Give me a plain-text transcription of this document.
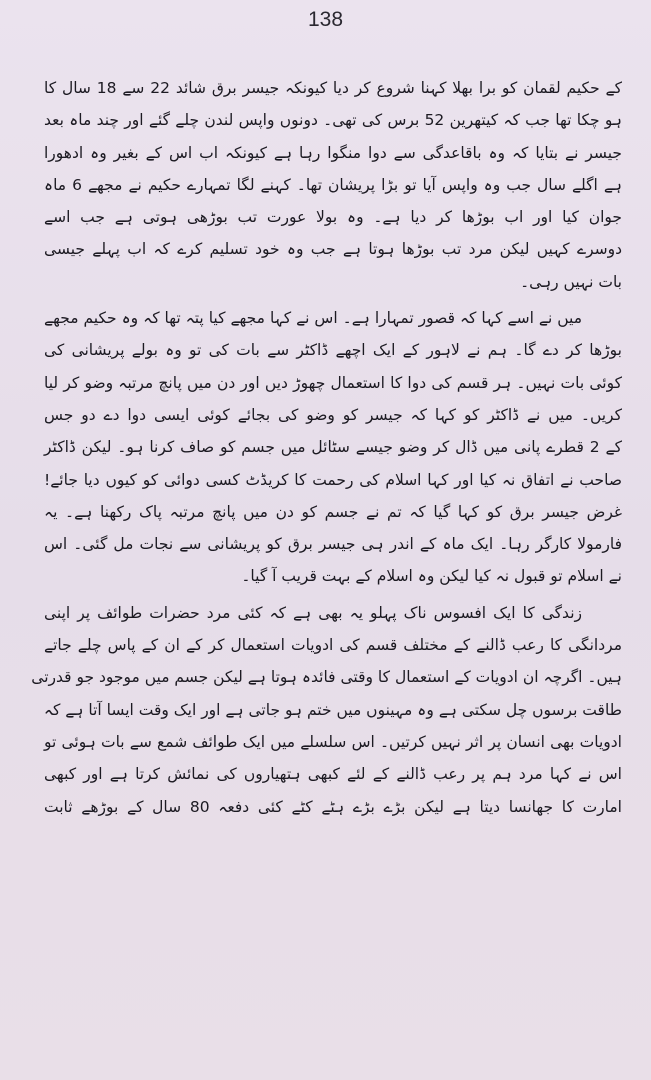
138
کے حکیم لقمان کو برا بھلا کہنا شروع کر دیا کیونکہ جیسر برق شائد 22 سے 18 سال کا
ہو چکا تھا جب کہ کیتھرین 52 برس کی تھی۔ دونوں واپس لندن چلے گئے اور چند ماہ بعد
جیسر نے بتایا کہ وہ باقاعدگی سے دوا منگوا رہا ہے کیونکہ اب اس کے بغیر وہ ادھورا
ہے اگلے سال جب وہ واپس آیا تو بڑا پریشان تھا۔ کہنے لگا تمہارے حکیم نے مجھے 6 ماہ
جوان کیا اور اب بوڑھا کر دیا ہے۔ وہ بولا عورت تب بوڑھی ہوتی ہے جب اسے
دوسرے کہیں لیکن مرد تب بوڑھا ہوتا ہے جب وہ خود تسلیم کرے کہ اب پہلے جیسی
بات نہیں رہی۔
میں نے اسے کہا کہ قصور تمہارا ہے۔ اس نے کہا مجھے کیا پتہ تھا کہ وہ حکیم مجھے
بوڑھا کر دے گا۔ ہم نے لاہور کے ایک اچھے ڈاکٹر سے بات کی تو وہ بولے پریشانی کی
کوئی بات نہیں۔ ہر قسم کی دوا کا استعمال چھوڑ دیں اور دن میں پانچ مرتبہ وضو کر لیا
کریں۔ میں نے ڈاکٹر کو کہا کہ جیسر کو وضو کی بجائے کوئی ایسی دوا دے دو جس
کے 2 قطرے پانی میں ڈال کر وضو جیسے سٹائل میں جسم کو صاف کرنا ہو۔ لیکن ڈاکٹر
صاحب نے اتفاق نہ کیا اور کہا اسلام کی رحمت کا کریڈٹ کسی دوائی کو کیوں دیا جائے!
غرض جیسر برق کو کہا گیا کہ تم نے جسم کو دن میں پانچ مرتبہ پاک رکھنا ہے۔ یہ
فارمولا کارگر رہا۔ ایک ماہ کے اندر ہی جیسر برق کو پریشانی سے نجات مل گئی۔ اس
نے اسلام تو قبول نہ کیا لیکن وہ اسلام کے بہت قریب آ گیا۔
زندگی کا ایک افسوس ناک پہلو یہ بھی ہے کہ کئی مرد حضرات طوائف پر اپنی
مردانگی کا رعب ڈالنے کے مختلف قسم کی ادویات استعمال کر کے ان کے پاس چلے جاتے
ہیں۔ اگرچہ ان ادویات کے استعمال کا وقتی فائدہ ہوتا ہے لیکن جسم میں موجود جو قدرتی
طاقت برسوں چل سکتی ہے وہ مہینوں میں ختم ہو جاتی ہے اور ایک وقت ایسا آتا ہے کہ
ادویات بھی انسان پر اثر نہیں کرتیں۔ اس سلسلے میں ایک طوائف شمع سے بات ہوئی تو
اس نے کہا مرد ہم پر رعب ڈالنے کے لئے کبھی ہتھیاروں کی نمائش کرتا ہے اور کبھی
امارت کا جھانسا دیتا ہے لیکن بڑے بڑے ہٹے کٹے کئی دفعہ 80 سال کے بوڑھے ثابت
